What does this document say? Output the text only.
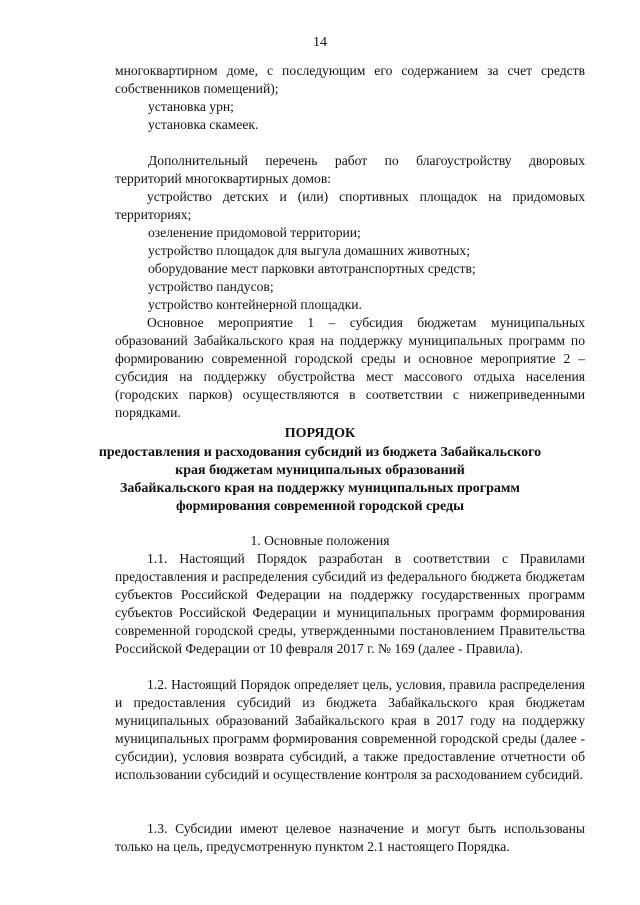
14
многоквартирном доме, с последующим его содержанием за счет средств
собственников помещений);
установка урн;
установка скамеек.
Дополнительный перечень работ по благоустройству дворовых
территорий многоквартирных домов:
устройство детских и (или) спортивных площадок на придомовых территориях;
озеленение придомовой территории;
устройство площадок для выгула домашних животных;
оборудование мест парковки автотранспортных средств;
устройство пандусов;
устройство контейнерной площадки.
Основное мероприятие 1 – субсидия бюджетам муниципальных образований Забайкальского края на поддержку муниципальных программ по формированию современной городской среды и основное мероприятие 2 – субсидия на поддержку обустройства мест массового отдыха населения (городских парков) осуществляются в соответствии с нижеприведенными порядками.
ПОРЯДОК
предоставления и расходования субсидий из бюджета Забайкальского
края бюджетам муниципальных образований
Забайкальского края на поддержку муниципальных программ
формирования современной городской среды
1. Основные положения
1.1. Настоящий Порядок разработан в соответствии с Правилами предоставления и распределения субсидий из федерального бюджета бюджетам субъектов Российской Федерации на поддержку государственных программ субъектов Российской Федерации и муниципальных программ формирования современной городской среды, утвержденными постановлением Правительства Российской Федерации от 10 февраля 2017 г. № 169 (далее - Правила).
1.2. Настоящий Порядок определяет цель, условия, правила распределения и предоставления субсидий из бюджета Забайкальского края бюджетам муниципальных образований Забайкальского края в 2017 году на поддержку муниципальных программ формирования современной городской среды (далее - субсидии), условия возврата субсидий, а также предоставление отчетности об использовании субсидий и осуществление контроля за расходованием субсидий.
1.3. Субсидии имеют целевое назначение и могут быть использованы только на цель, предусмотренную пунктом 2.1 настоящего Порядка.
